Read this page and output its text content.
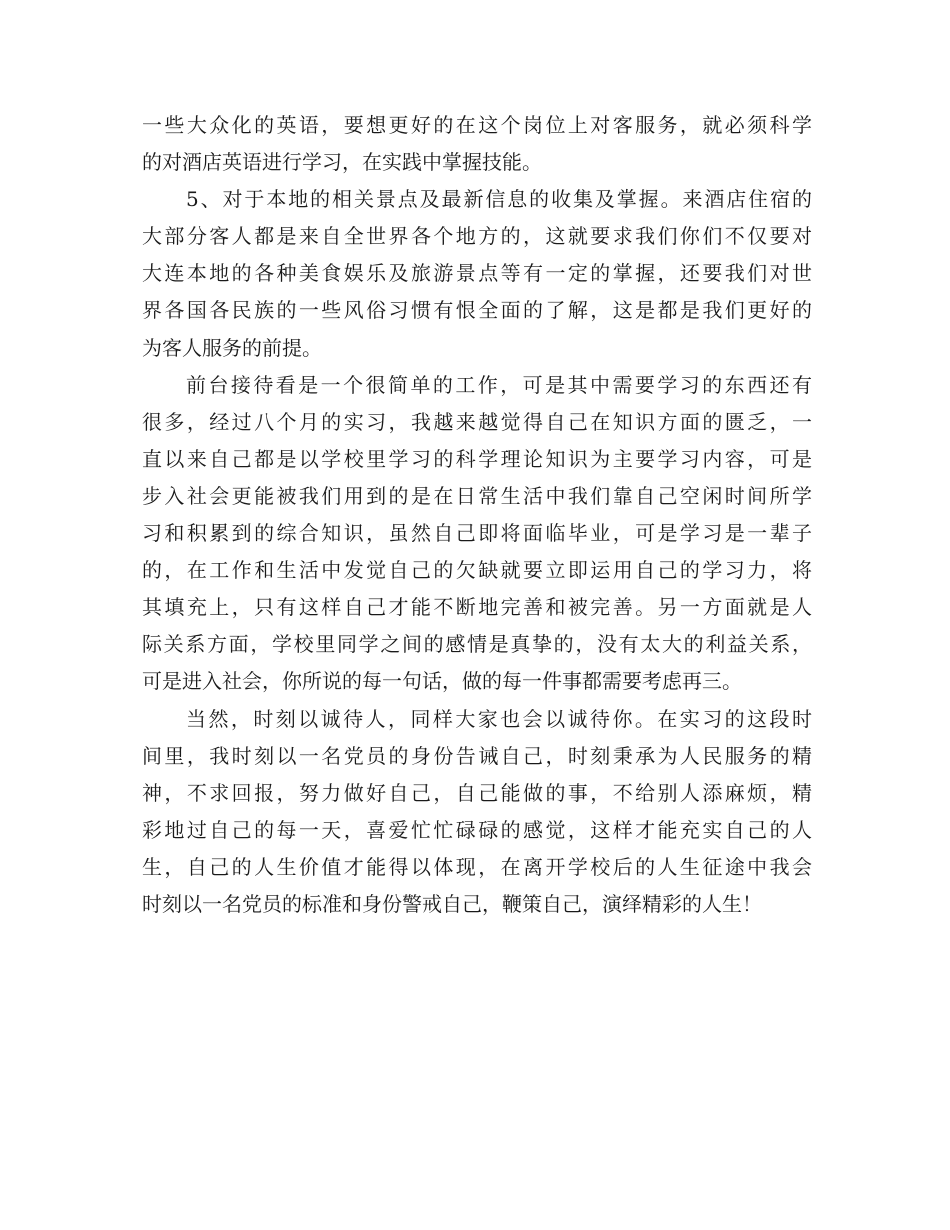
一些大众化的英语，要想更好的在这个岗位上对客服务，就必须科学
的对酒店英语进行学习，在实践中掌握技能。
5、对于本地的相关景点及最新信息的收集及掌握。来酒店住宿的
大部分客人都是来自全世界各个地方的，这就要求我们你们不仅要对
大连本地的各种美食娱乐及旅游景点等有一定的掌握，还要我们对世
界各国各民族的一些风俗习惯有恨全面的了解，这是都是我们更好的
为客人服务的前提。
前台接待看是一个很简单的工作，可是其中需要学习的东西还有
很多，经过八个月的实习，我越来越觉得自己在知识方面的匮乏，一
直以来自己都是以学校里学习的科学理论知识为主要学习内容，可是
步入社会更能被我们用到的是在日常生活中我们靠自己空闲时间所学
习和积累到的综合知识，虽然自己即将面临毕业，可是学习是一辈子
的，在工作和生活中发觉自己的欠缺就要立即运用自己的学习力，将
其填充上，只有这样自己才能不断地完善和被完善。另一方面就是人
际关系方面，学校里同学之间的感情是真挚的，没有太大的利益关系，
可是进入社会，你所说的每一句话，做的每一件事都需要考虑再三。
当然，时刻以诚待人，同样大家也会以诚待你。在实习的这段时
间里，我时刻以一名党员的身份告诫自己，时刻秉承为人民服务的精
神，不求回报，努力做好自己，自己能做的事，不给别人添麻烦，精
彩地过自己的每一天，喜爱忙忙碌碌的感觉，这样才能充实自己的人
生，自己的人生价值才能得以体现，在离开学校后的人生征途中我会
时刻以一名党员的标准和身份警戒自己，鞭策自己，演绎精彩的人生！
